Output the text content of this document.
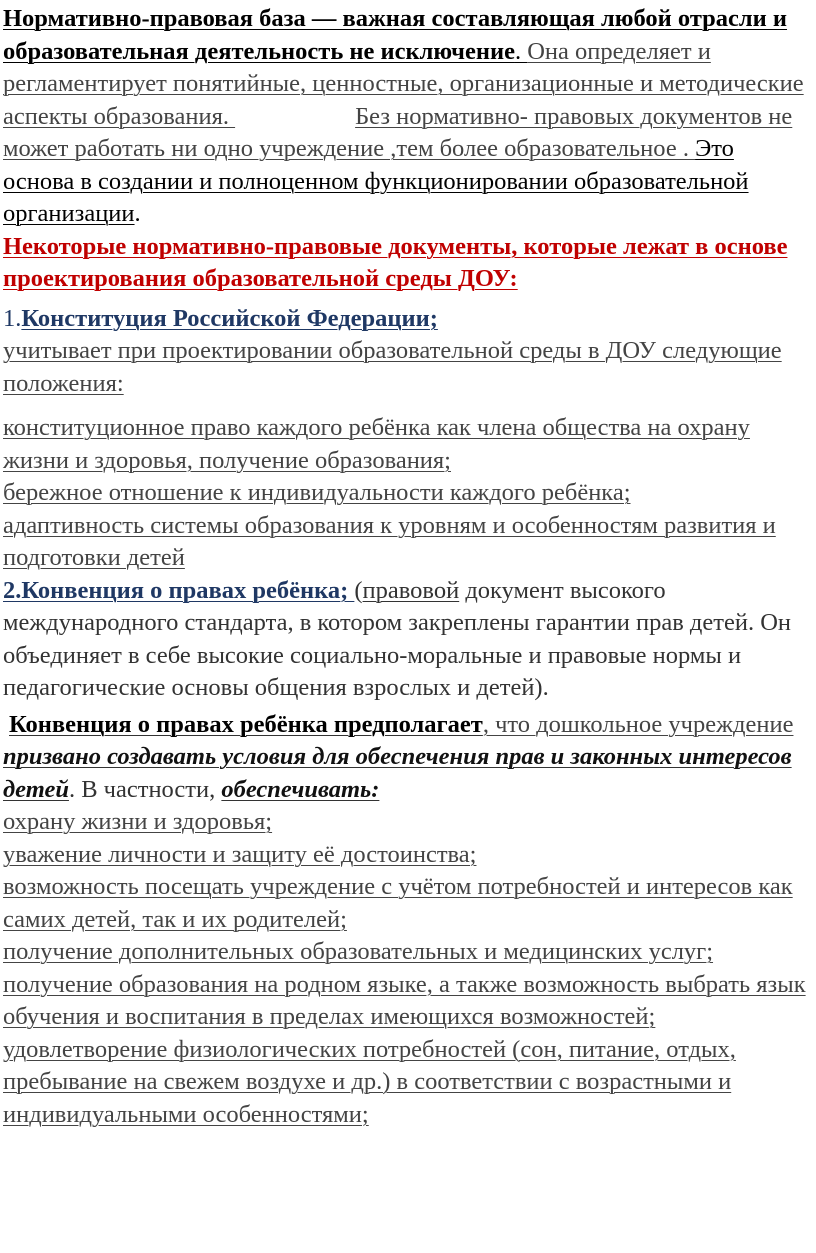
Нормативно-правовая база — важная составляющая любой отрасли и образовательная деятельность не исключение. Она определяет и регламентирует понятийные, ценностные, организационные и методические аспекты образования.	Без нормативно- правовых документов не может работать ни одно учреждение ,тем более образовательное . Это основа в создании и полноценном функционировании образовательной организации.
Некоторые нормативно-правовые документы, которые лежат в основе проектирования образовательной среды ДОУ:
1.Конституция Российской Федерации;
учитывает при проектировании образовательной среды в ДОУ следующие положения:
конституционное право каждого ребёнка как члена общества на охрану жизни и здоровья, получение образования;
бережное отношение к индивидуальности каждого ребёнка;
адаптивность системы образования к уровням и особенностям развития и подготовки детей
2.Конвенция о правах ребёнка; (правовой документ высокого международного стандарта, в котором закреплены гарантии прав детей. Он объединяет в себе высокие социально-моральные и правовые нормы и педагогические основы общения взрослых и детей).
Конвенция о правах ребёнка предполагает, что дошкольное учреждение призвано создавать условия для обеспечения прав и законных интересов детей. В частности, обеспечивать:
охрану жизни и здоровья;
уважение личности и защиту её достоинства;
возможность посещать учреждение с учётом потребностей и интересов как самих детей, так и их родителей;
получение дополнительных образовательных и медицинских услуг;
получение образования на родном языке, а также возможность выбрать язык обучения и воспитания в пределах имеющихся возможностей;
удовлетворение физиологических потребностей (сон, питание, отдых, пребывание на свежем воздухе и др.) в соответствии с возрастными и индивидуальными особенностями;
